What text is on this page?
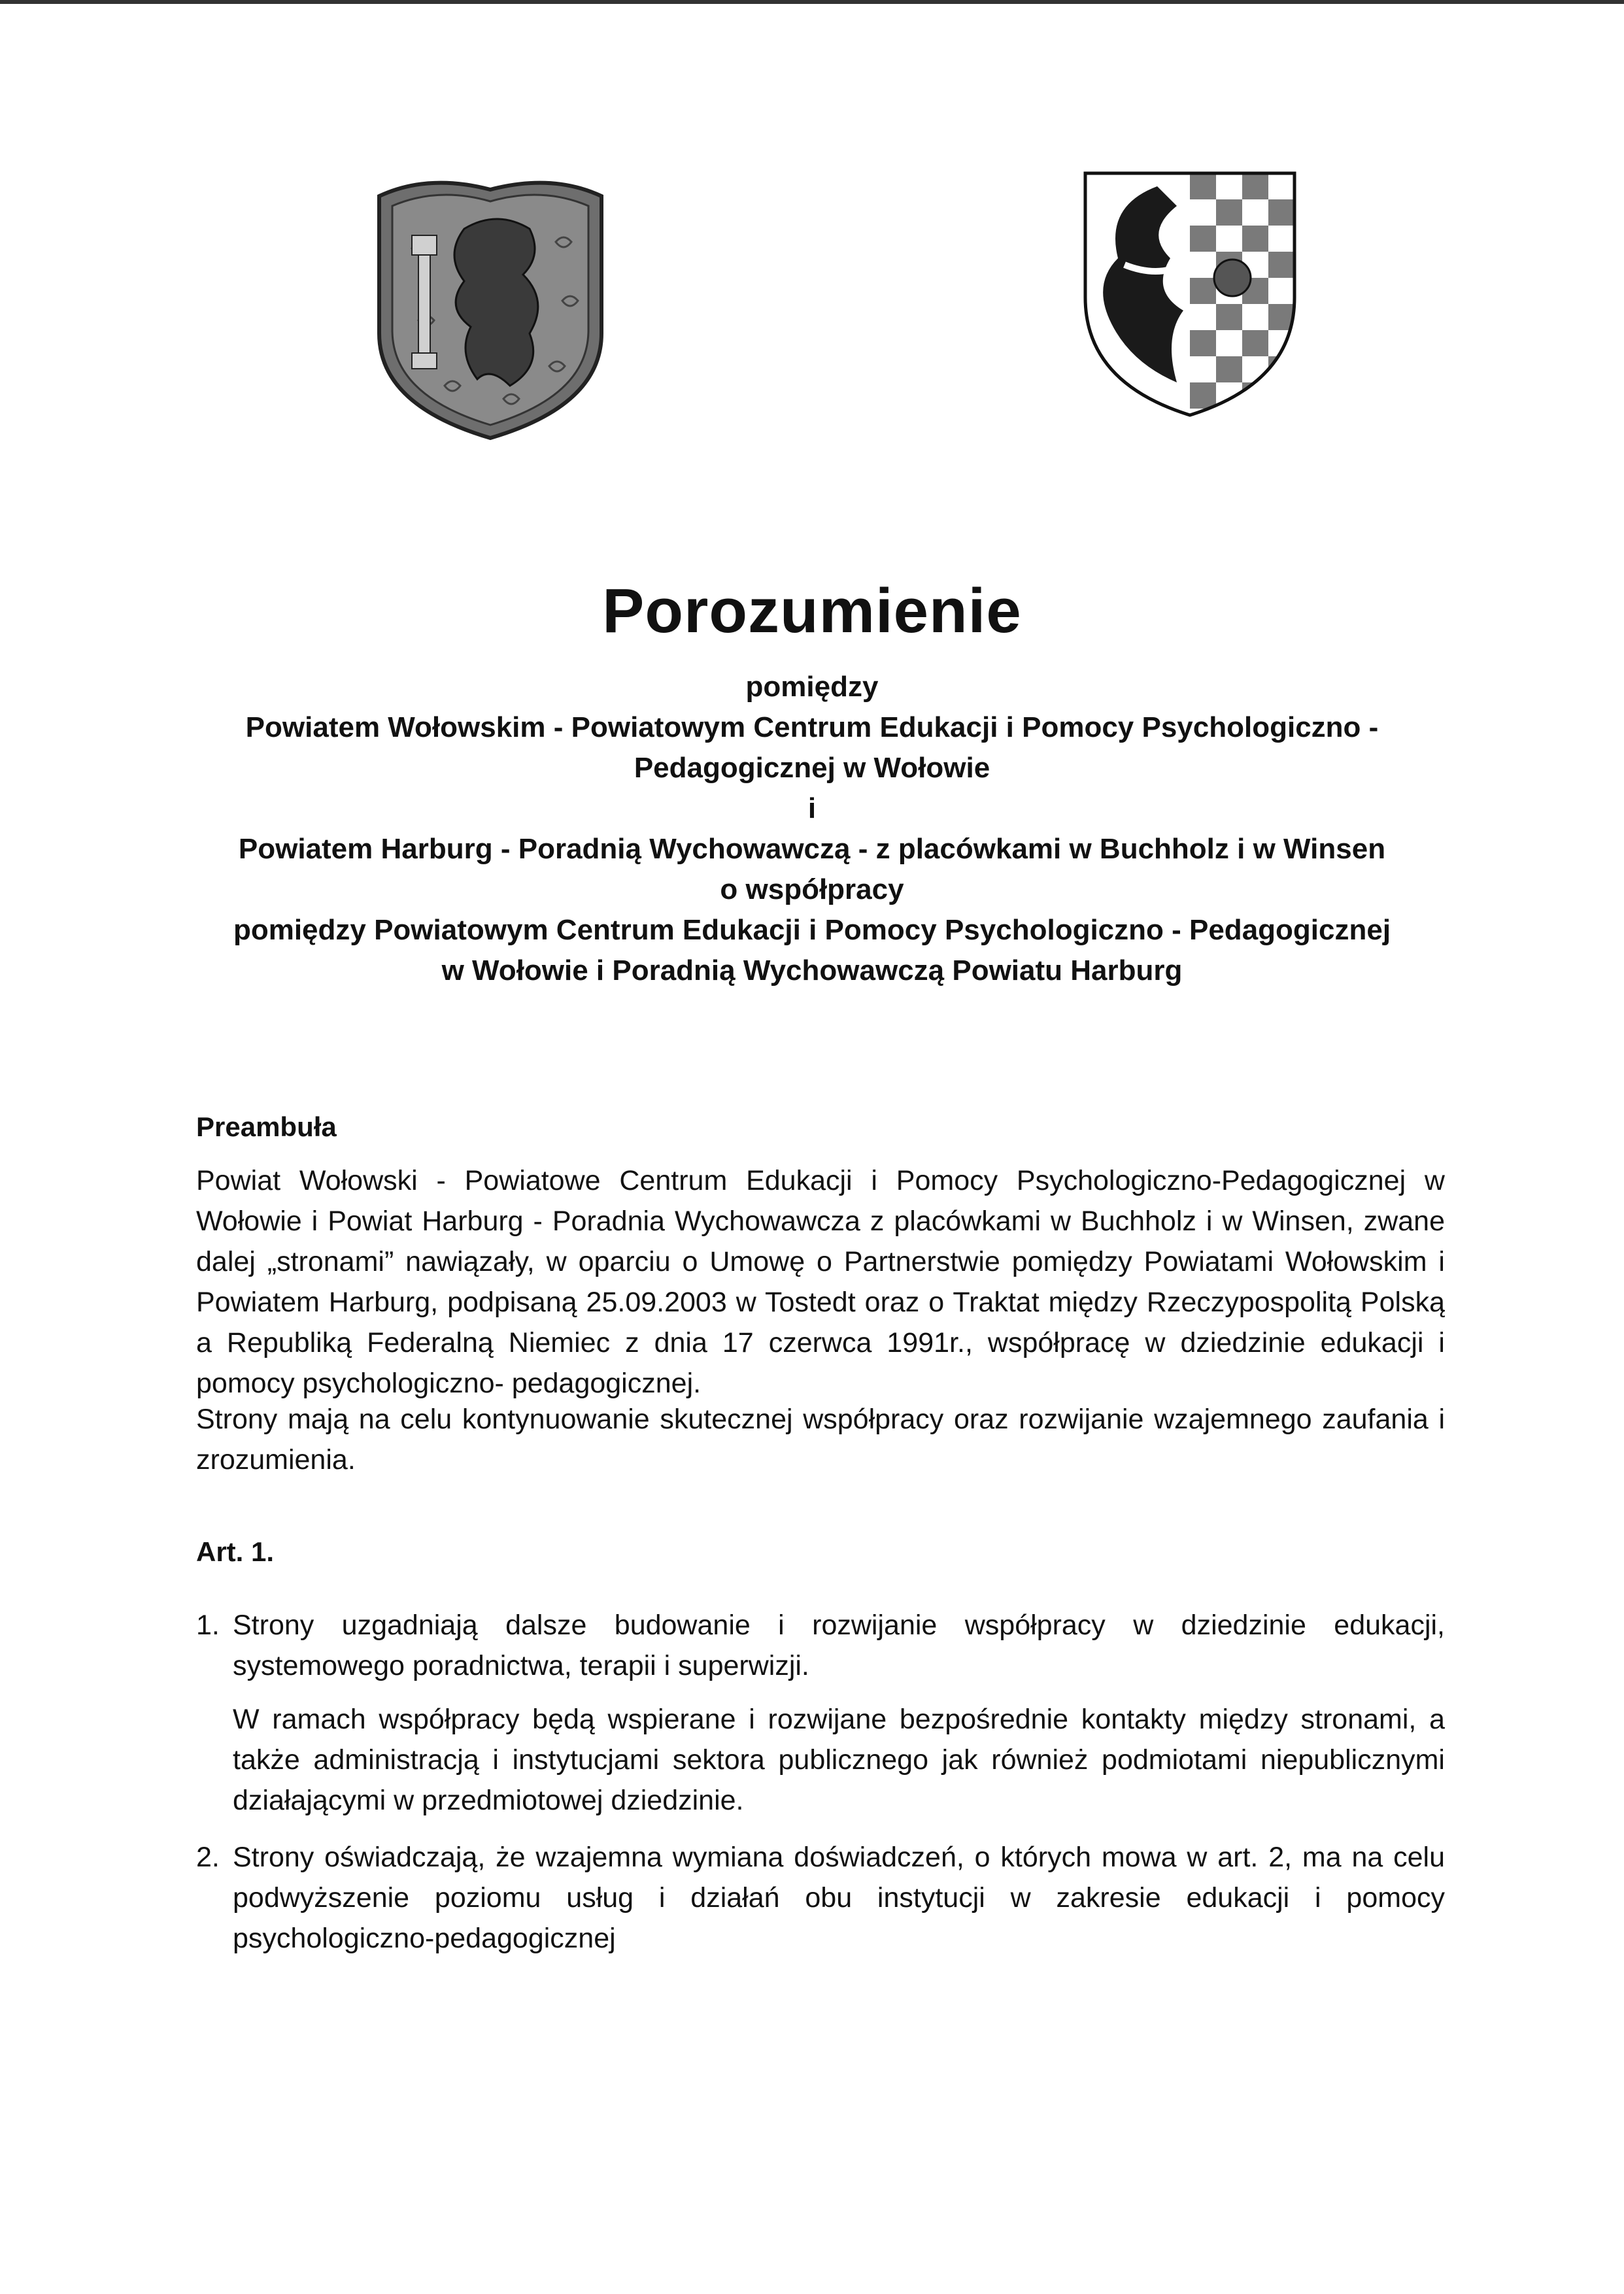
Porozumienie
pomiędzy
Powiatem Wołowskim - Powiatowym Centrum Edukacji i Pomocy Psychologiczno -
Pedagogicznej w Wołowie
i
Powiatem Harburg - Poradnią Wychowawczą - z placówkami w Buchholz i w Winsen
o współpracy
pomiędzy Powiatowym Centrum Edukacji i Pomocy Psychologiczno - Pedagogicznej
w Wołowie i Poradnią Wychowawczą Powiatu Harburg
Preambuła
Powiat Wołowski - Powiatowe Centrum Edukacji i Pomocy Psychologiczno-Pedagogicznej w Wołowie i Powiat Harburg - Poradnia Wychowawcza z placówkami w Buchholz i w Winsen, zwane dalej „stronami” nawiązały, w oparciu o Umowę o Partnerstwie pomiędzy Powiatami Wołowskim i Powiatem Harburg, podpisaną 25.09.2003 w Tostedt oraz o Traktat między Rzeczypospolitą Polską a Republiką Federalną Niemiec z dnia 17 czerwca 1991r., współpracę w dziedzinie edukacji i pomocy psychologiczno- pedagogicznej.
Strony mają na celu kontynuowanie skutecznej współpracy oraz rozwijanie wzajemnego zaufania i zrozumienia.
Art. 1.
1. Strony uzgadniają dalsze budowanie i rozwijanie współpracy w dziedzinie edukacji, systemowego poradnictwa, terapii i superwizji.

W ramach współpracy będą wspierane i rozwijane bezpośrednie kontakty między stronami, a także administracją i instytucjami sektora publicznego jak również podmiotami niepublicznymi działającymi w przedmiotowej dziedzinie.

2. Strony oświadczają, że wzajemna wymiana doświadczeń, o których mowa w art. 2, ma na celu podwyższenie poziomu usług i działań obu instytucji w zakresie edukacji i pomocy psychologiczno-pedagogicznej
